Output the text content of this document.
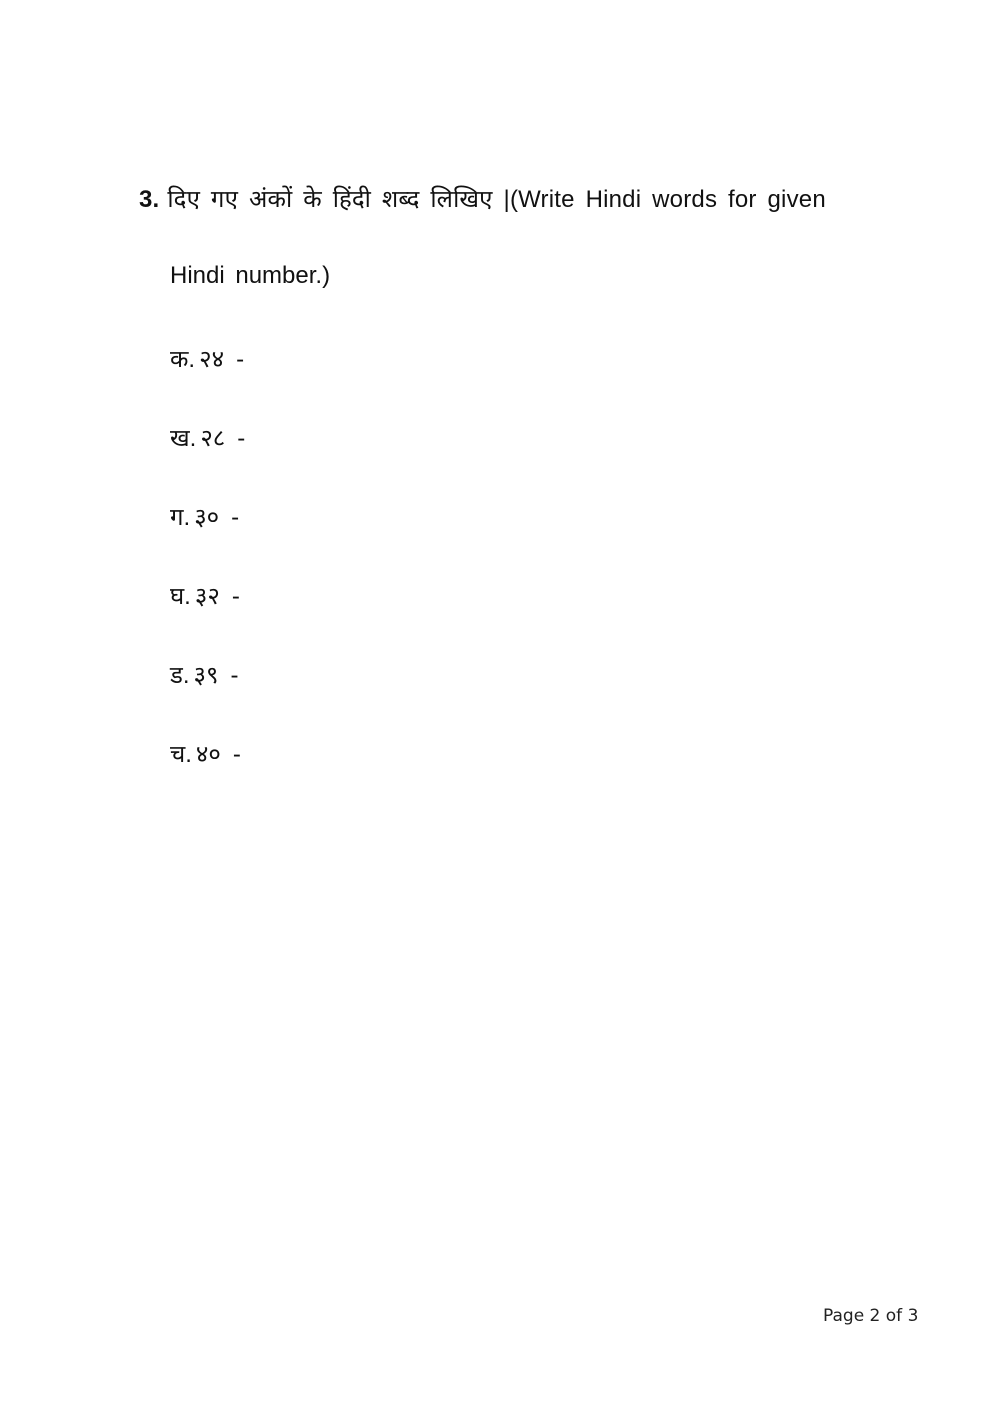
3. दिए गए अंकों के हिंदी शब्द लिखिए |(Write Hindi words for given
Hindi number.)
क. २४ -
ख. २८ -
ग. ३० -
घ. ३२ -
ड. ३९ -
च. ४० -
Page 2 of 3
